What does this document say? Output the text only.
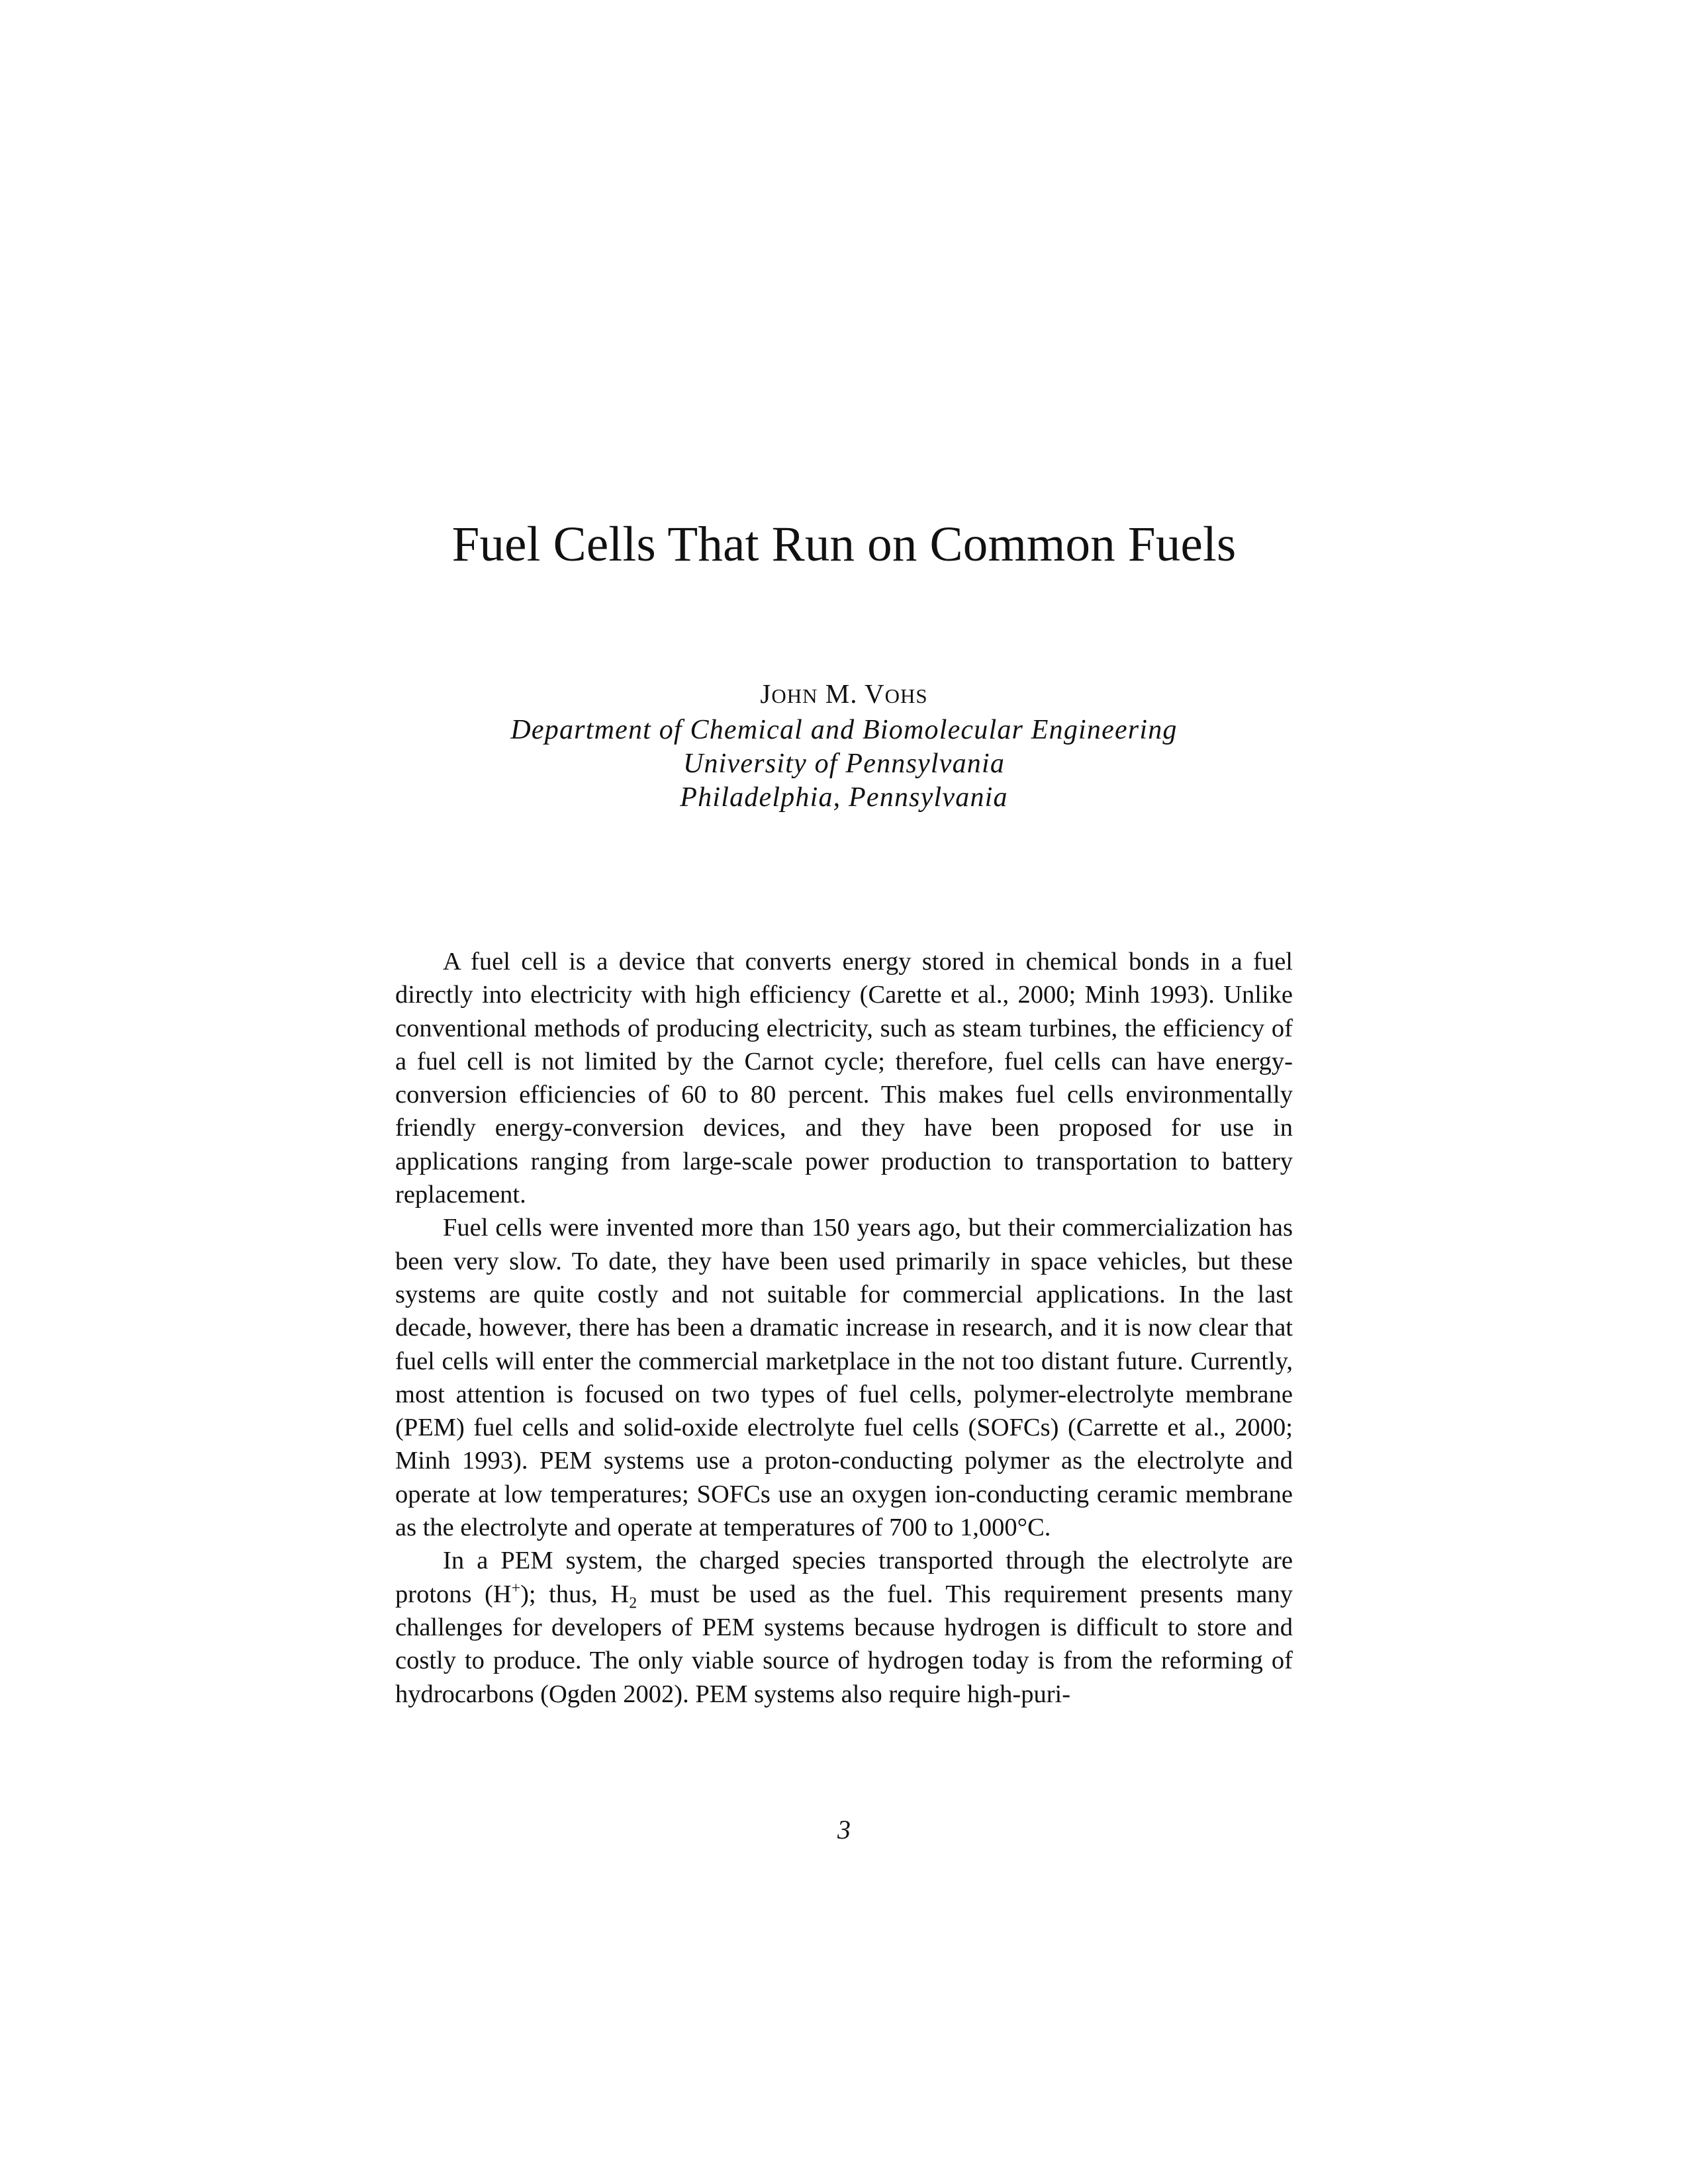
Fuel Cells That Run on Common Fuels
JOHN M. VOHS
Department of Chemical and Biomolecular Engineering
University of Pennsylvania
Philadelphia, Pennsylvania

A fuel cell is a device that converts energy stored in chemical bonds in a fuel directly into electricity with high efficiency (Carette et al., 2000; Minh 1993). Unlike conventional methods of producing electricity, such as steam turbines, the efficiency of a fuel cell is not limited by the Carnot cycle; therefore, fuel cells can have energy-conversion efficiencies of 60 to 80 percent. This makes fuel cells environmentally friendly energy-conversion devices, and they have been proposed for use in applications ranging from large-scale power production to transportation to battery replacement.

Fuel cells were invented more than 150 years ago, but their commercialization has been very slow. To date, they have been used primarily in space vehicles, but these systems are quite costly and not suitable for commercial applications. In the last decade, however, there has been a dramatic increase in research, and it is now clear that fuel cells will enter the commercial marketplace in the not too distant future. Currently, most attention is focused on two types of fuel cells, polymer-electrolyte membrane (PEM) fuel cells and solid-oxide electrolyte fuel cells (SOFCs) (Carrette et al., 2000; Minh 1993). PEM systems use a proton-conducting polymer as the electrolyte and operate at low temperatures; SOFCs use an oxygen ion-conducting ceramic membrane as the electrolyte and operate at temperatures of 700 to 1,000°C.

In a PEM system, the charged species transported through the electrolyte are protons (H+); thus, $H_2$ must be used as the fuel. This requirement presents many challenges for developers of PEM systems because hydrogen is difficult to store and costly to produce. The only viable source of hydrogen today is from the reforming of hydrocarbons (Ogden 2002). PEM systems also require high-puri-

3
